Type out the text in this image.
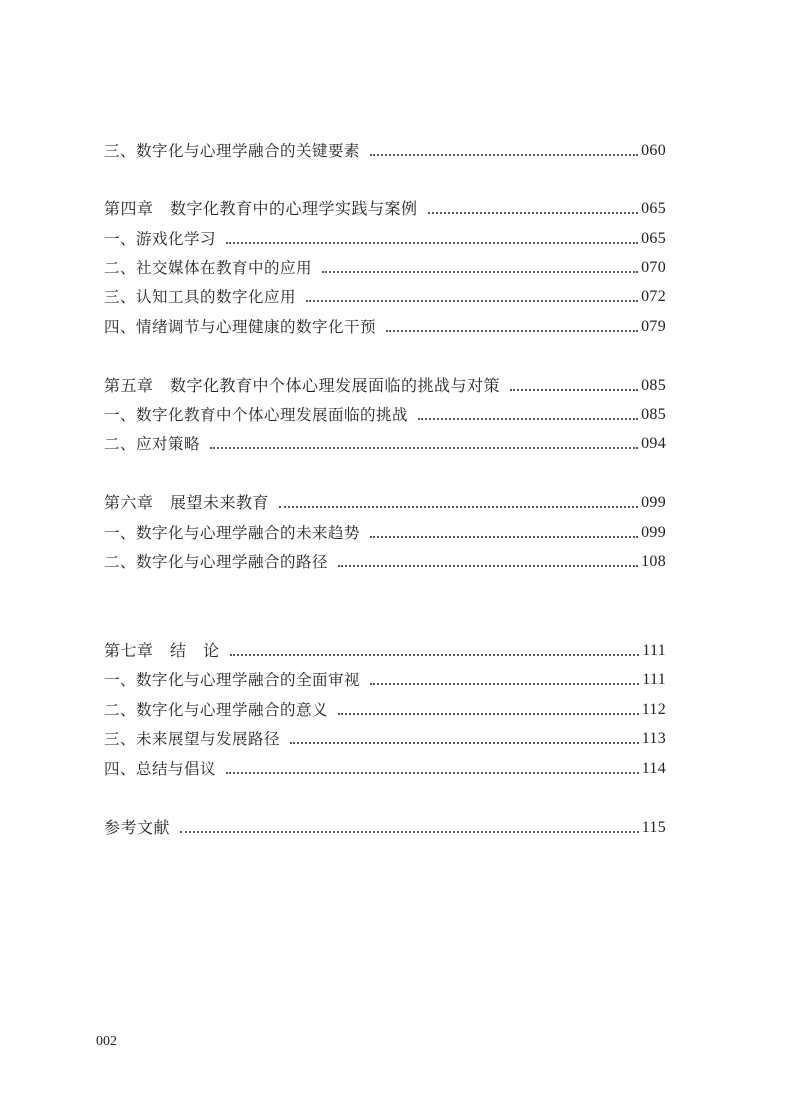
三、数字化与心理学融合的关键要素	060
第四章　数字化教育中的心理学实践与案例	065
一、游戏化学习	065
二、社交媒体在教育中的应用	070
三、认知工具的数字化应用	072
四、情绪调节与心理健康的数字化干预	079
第五章　数字化教育中个体心理发展面临的挑战与对策	085
一、数字化教育中个体心理发展面临的挑战	085
二、应对策略	094
第六章　展望未来教育	099
一、数字化与心理学融合的未来趋势	099
二、数字化与心理学融合的路径	108
第七章　结　论	111
一、数字化与心理学融合的全面审视	111
二、数字化与心理学融合的意义	112
三、未来展望与发展路径	113
四、总结与倡议	114
参考文献	115
002
